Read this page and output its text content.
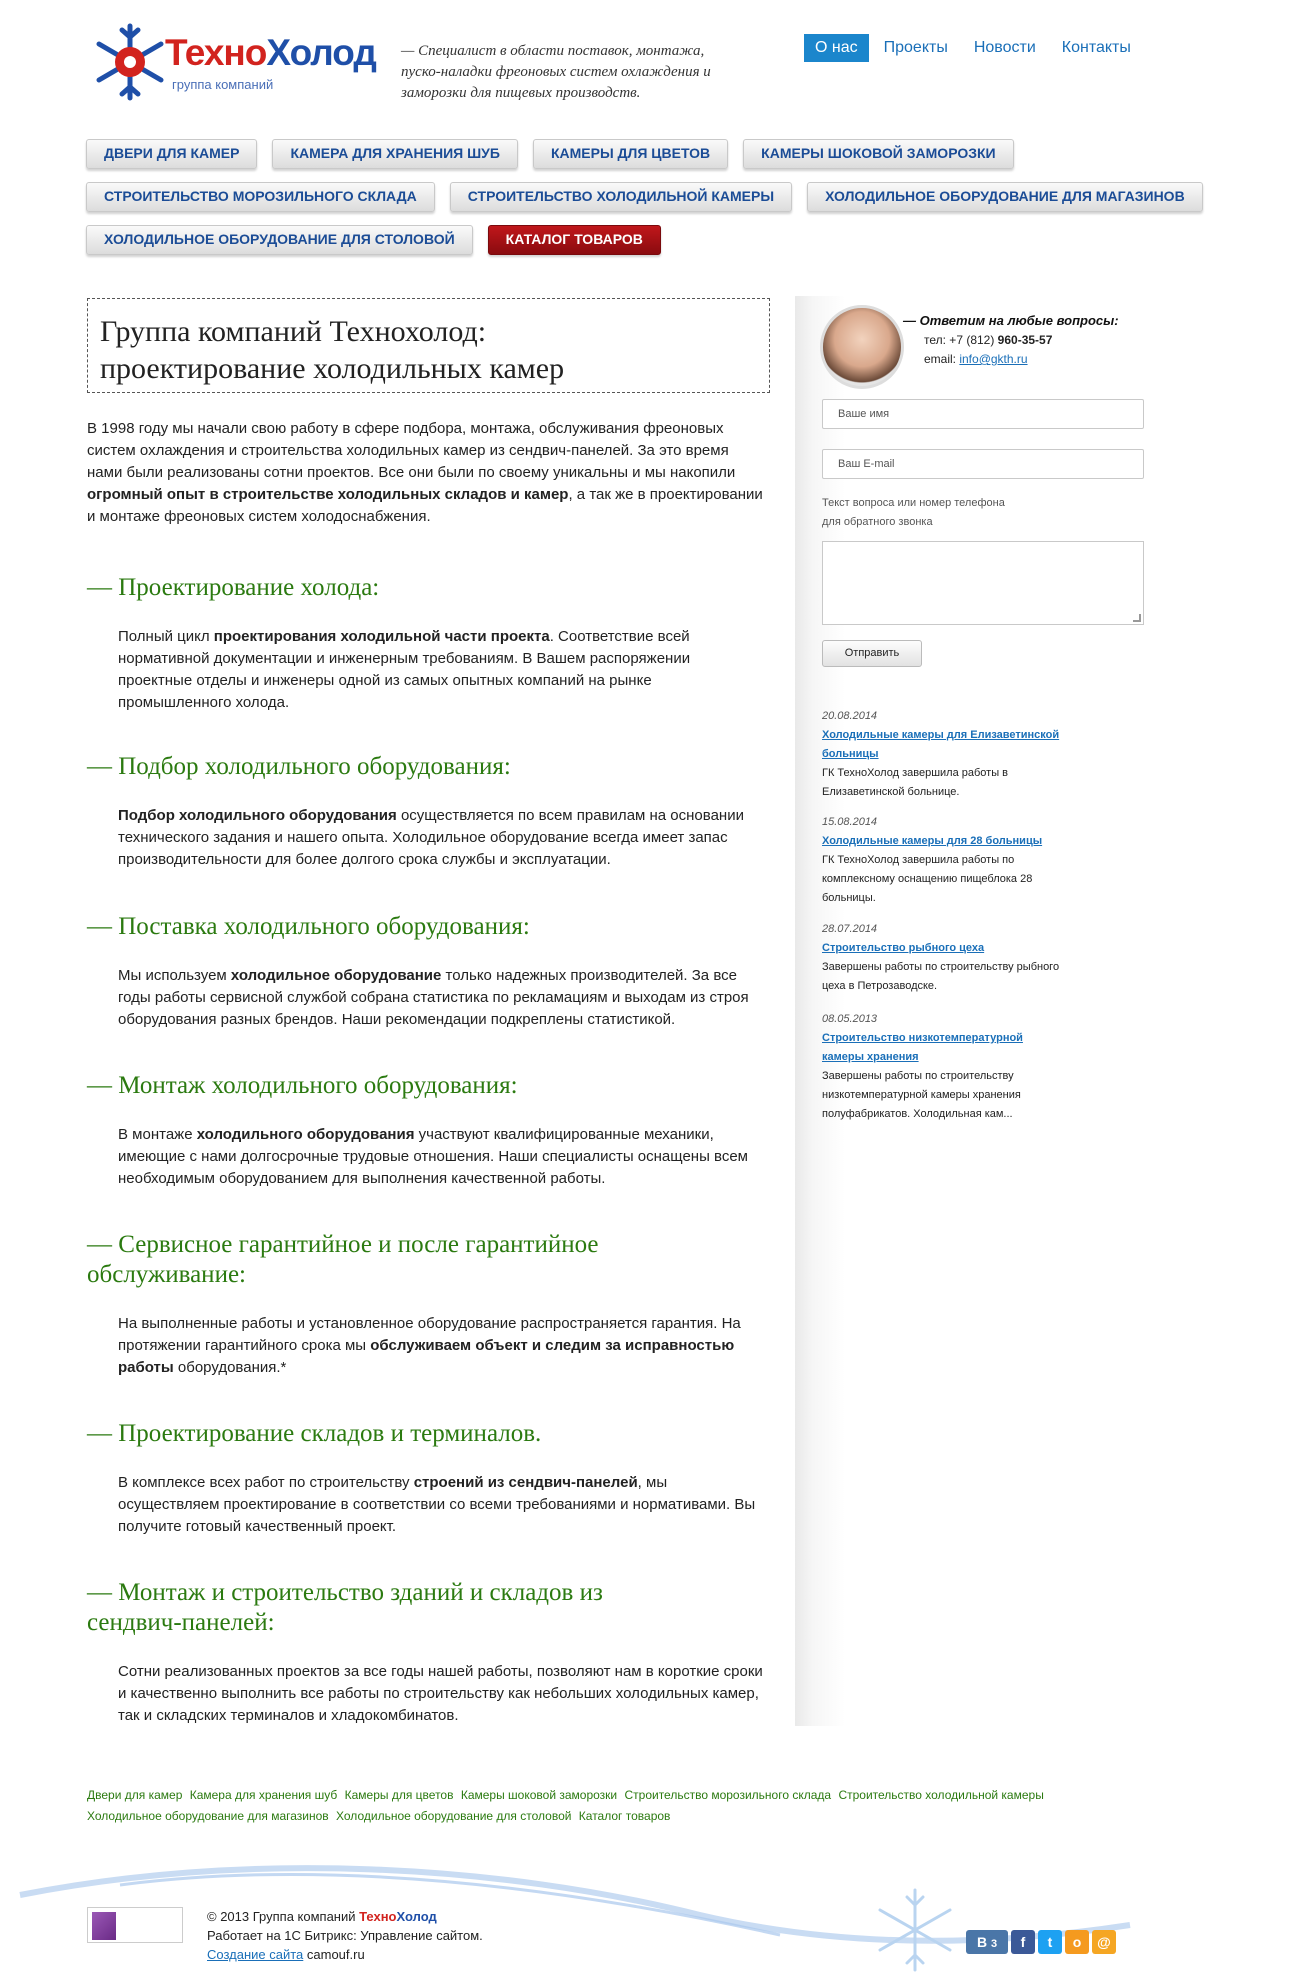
ТехноХолод
группа компаний
— Специалист в области поставок, монтажа, пуско-наладки фреоновых систем охлаждения и заморозки для пищевых производств.
О нас	Проекты	Новости	Контакты
ДВЕРИ ДЛЯ КАМЕР	КАМЕРА ДЛЯ ХРАНЕНИЯ ШУБ	КАМЕРЫ ДЛЯ ЦВЕТОВ	КАМЕРЫ ШОКОВОЙ ЗАМОРОЗКИ
СТРОИТЕЛЬСТВО МОРОЗИЛЬНОГО СКЛАДА	СТРОИТЕЛЬСТВО ХОЛОДИЛЬНОЙ КАМЕРЫ	ХОЛОДИЛЬНОЕ ОБОРУДОВАНИЕ ДЛЯ МАГАЗИНОВ
ХОЛОДИЛЬНОЕ ОБОРУДОВАНИЕ ДЛЯ СТОЛОВОЙ	КАТАЛОГ ТОВАРОВ
Группа компаний Технохолод:
проектирование холодильных камер

В 1998 году мы начали свою работу в сфере подбора, монтажа, обслуживания фреоновых систем охлаждения и строительства холодильных камер из сендвич-панелей. За это время нами были реализованы сотни проектов. Все они были по своему уникальны и мы накопили огромный опыт в строительстве холодильных складов и камер, а так же в проектировании и монтаже фреоновых систем холодоснабжения.

— Проектирование холода:

Полный цикл проектирования холодильной части проекта. Соответствие всей нормативной документации и инженерным требованиям. В Вашем распоряжении проектные отделы и инженеры одной из самых опытных компаний на рынке промышленного холода.

— Подбор холодильного оборудования:

Подбор холодильного оборудования осуществляется по всем правилам на основании технического задания и нашего опыта. Холодильное оборудование всегда имеет запас производительности для более долгого срока службы и эксплуатации.

— Поставка холодильного оборудования:

Мы используем холодильное оборудование только надежных производителей. За все годы работы сервисной службой собрана статистика по рекламациям и выходам из строя оборудования разных брендов. Наши рекомендации подкреплены статистикой.

— Монтаж холодильного оборудования:

В монтаже холодильного оборудования участвуют квалифицированные механики, имеющие с нами долгосрочные трудовые отношения. Наши специалисты оснащены всем необходимым оборудованием для выполнения качественной работы.

— Сервисное гарантийное и после гарантийное обслуживание:

На выполненные работы и установленное оборудование распространяется гарантия. На протяжении гарантийного срока мы обслуживаем объект и следим за исправностью работы оборудования.*

— Проектирование складов и терминалов.

В комплексе всех работ по строительству строений из сендвич-панелей, мы осуществляем проектирование в соответствии со всеми требованиями и нормативами. Вы получите готовый качественный проект.

— Монтаж и строительство зданий и складов из сендвич-панелей:

Сотни реализованных проектов за все годы нашей работы, позволяют нам в короткие сроки и качественно выполнить все работы по строительству как небольших холодильных камер, так и складских терминалов и хладокомбинатов.

— Ответим на любые вопросы:
тел: +7 (812) 960-35-57
email: info@gkth.ru
Ваше имя
Ваш E-mail
Текст вопроса или номер телефона
для обратного звонка
Отправить
20.08.2014
Холодильные камеры для Елизаветинской больницы
ГК ТехноХолод завершила работы в Елизаветинской больнице.
15.08.2014
Холодильные камеры для 28 больницы
ГК ТехноХолод завершила работы по комплексному оснащению пищеблока 28 больницы.
28.07.2014
Строительство рыбного цеха
Завершены работы по строительству рыбного цеха в Петрозаводске.
08.05.2013
Строительство низкотемпературной камеры хранения
Завершены работы по строительству низкотемпературной камеры хранения полуфабрикатов. Холодильная кам...
Двери для камер Камера для хранения шуб Камеры для цветов Камеры шоковой заморозки Строительство морозильного склада Строительство холодильной камеры
Холодильное оборудование для магазинов Холодильное оборудование для столовой Каталог товаров
© 2013 Группа компаний ТехноХолод
Работает на 1С Битрикс: Управление сайтом.
Создание сайта camouf.ru
В 3	f	t	о	@
